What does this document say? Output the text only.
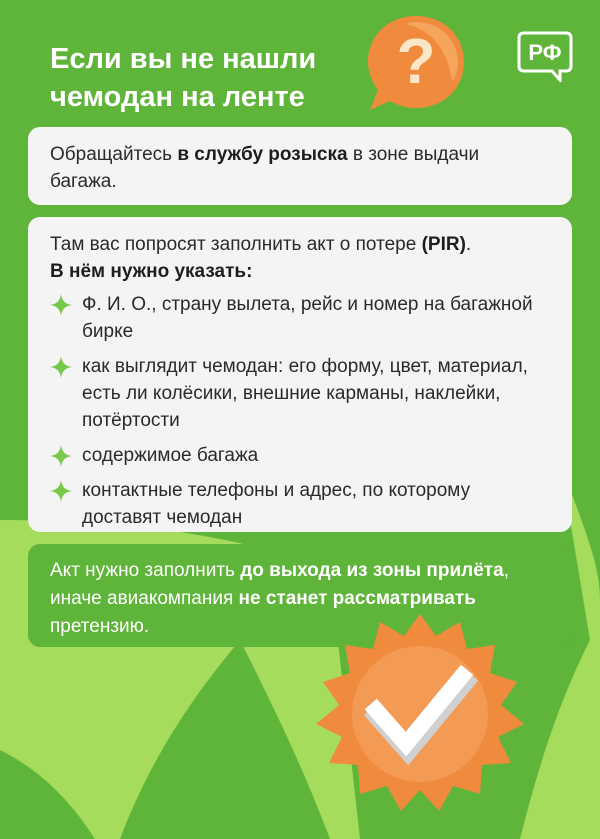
Если вы не нашли
чемодан на ленте	?	РФ

Обращайтесь в службу розыска в зоне выдачи багажа.

Там вас попросят заполнить акт о потере (PIR).

В нём нужно указать:

Ф. И. О., страну вылета, рейс и номер на багажной бирке
как выглядит чемодан: его форму, цвет, материал, есть ли колёсики, внешние карманы, наклейки, потёртости
содержимое багажа
контактные телефоны и адрес, по которому доставят чемодан

Акт нужно заполнить до выхода из зоны прилёта, иначе авиакомпания не станет рассматривать претензию.
